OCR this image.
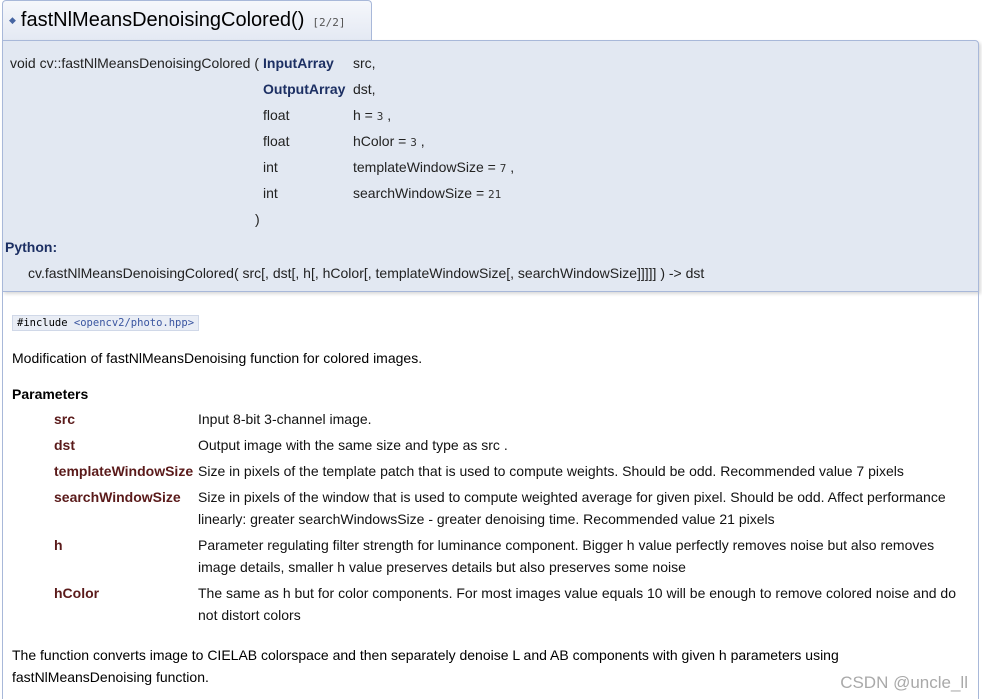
◆ fastNlMeansDenoisingColored() [2/2]
void cv::fastNlMeansDenoisingColored ( InputArray src,
OutputArray dst,
float	h = 3 ,
float	hColor = 3 ,
int	templateWindowSize = 7 ,
int	searchWindowSize = 21
)
Python:
cv.fastNlMeansDenoisingColored( src[, dst[, h[, hColor[, templateWindowSize[, searchWindowSize]]]]] ) -> dst
#include <opencv2/photo.hpp>
Modification of fastNlMeansDenoising function for colored images.
Parameters
src	Input 8-bit 3-channel image.
dst	Output image with the same size and type as src .
templateWindowSize Size in pixels of the template patch that is used to compute weights. Should be odd. Recommended value 7 pixels
searchWindowSize Size in pixels of the window that is used to compute weighted average for given pixel. Should be odd. Affect performance linearly: greater searchWindowsSize - greater denoising time. Recommended value 21 pixels
h	Parameter regulating filter strength for luminance component. Bigger h value perfectly removes noise but also removes image details, smaller h value preserves details but also preserves some noise
hColor	The same as h but for color components. For most images value equals 10 will be enough to remove colored noise and do not distort colors
The function converts image to CIELAB colorspace and then separately denoise L and AB components with given h parameters using fastNlMeansDenoising function.	CSDN @uncle_ll
